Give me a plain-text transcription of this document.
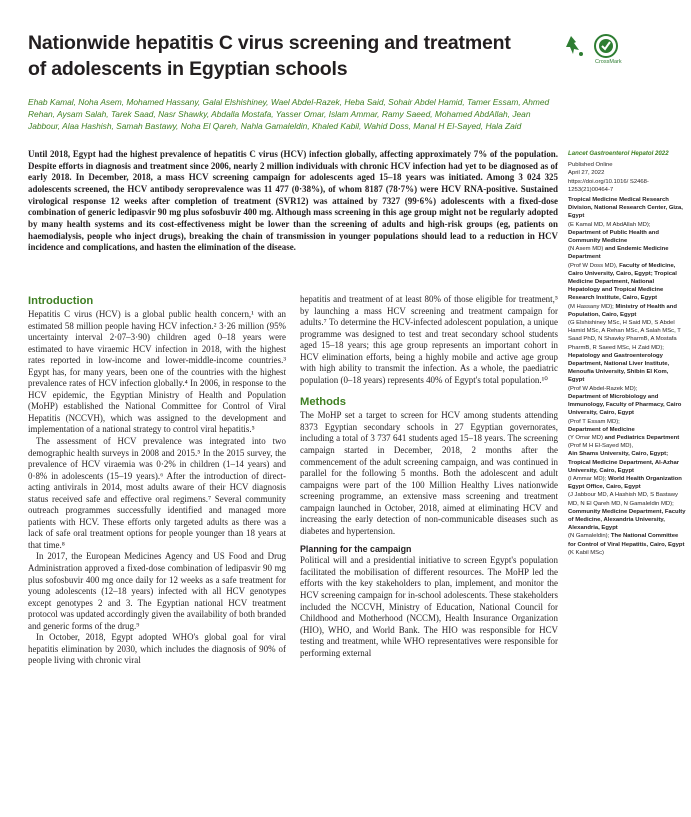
Nationwide hepatitis C virus screening and treatment of adolescents in Egyptian schools	CrossMark
Ehab Kamal, Noha Asem, Mohamed Hassany, Galal Elshishiney, Wael Abdel-Razek, Heba Said, Sohair Abdel Hamid, Tamer Essam, Ahmed Rehan, Aysam Salah, Tarek Saad, Nasr Shawky, Abdalla Mostafa, Yasser Omar, Islam Ammar, Ramy Saeed, Mohamed AbdAllah, Jean Jabbour, Alaa Hashish, Samah Bastawy, Noha El Qareh, Nahla Gamaleldin, Khaled Kabil, Wahid Doss, Manal H El-Sayed, Hala Zaid
Until 2018, Egypt had the highest prevalence of hepatitis C virus (HCV) infection globally, affecting approximately 7% of the population. Despite efforts in diagnosis and treatment since 2006, nearly 2 million individuals with chronic HCV infection had yet to be diagnosed as of early 2018. In December, 2018, a mass HCV screening campaign for adolescents aged 15–18 years was initiated. Among 3 024 325 adolescents screened, the HCV antibody seroprevalence was 11 477 (0·38%), of whom 8187 (78·7%) were HCV RNA-positive. Sustained virological response 12 weeks after completion of treatment (SVR12) was attained by 7327 (99·6%) adolescents with a fixed-dose combination of generic ledipasvir 90 mg plus sofosbuvir 400 mg. Although mass screening in this age group might not be regularly adopted by many health systems and its cost-effectiveness might be lower than the screening of adults and high-risk groups (eg, patients on haemodialysis, people who inject drugs), breaking the chain of transmission in younger populations should lead to a reduction in HCV incidence and complications, and hasten the elimination of the disease.
Introduction

Hepatitis C virus (HCV) is a global public health concern,¹ with an estimated 58 million people having HCV infection.² 3·26 million (95% uncertainty interval 2·07–3·90) children aged 0–18 years were estimated to have viraemic HCV infection in 2018, with the highest rates reported in low-income and lower-middle-income countries.³ Egypt has, for many years, been one of the countries with the highest prevalence rates of HCV infection globally.⁴ In 2006, in response to the HCV epidemic, the Egyptian Ministry of Health and Population (MoHP) established the National Committee for Control of Viral Hepatitis (NCCVH), which was assigned to the development and implementation of a national strategy to control viral hepatitis.⁵

The assessment of HCV prevalence was integrated into two demographic health surveys in 2008 and 2015.⁵ In the 2015 survey, the prevalence of HCV viraemia was 0·2% in children (1–14 years) and 0·8% in adolescents (15–19 years).⁶ After the introduction of direct-acting antivirals in 2014, most adults aware of their HCV diagnosis status received safe and effective oral regimens.⁷ Several community outreach programmes successfully identified and managed more patients with HCV. These efforts only targeted adults as there was a lack of safe oral treatment options for people younger than 18 years at that time.⁸

In 2017, the European Medicines Agency and US Food and Drug Administration approved a fixed-dose combination of ledipasvir 90 mg plus sofosbuvir 400 mg once daily for 12 weeks as a safe treatment for young adolescents (12–18 years) infected with all HCV genotypes except genotypes 2 and 3. The Egyptian national HCV treatment protocol was updated accordingly given the availability of both branded and generic forms of the drug.⁹

In October, 2018, Egypt adopted WHO's global goal for viral hepatitis elimination by 2030, which includes the diagnosis of 90% of people living with chronic viral

hepatitis and treatment of at least 80% of those eligible for treatment,⁵ by launching a mass HCV screening and treatment campaign for adults.⁷ To determine the HCV-infected adolescent population, a unique programme was designed to test and treat secondary school students aged 15–18 years; this age group represents an important cohort in HCV elimination efforts, being a highly mobile and active age group with high ability to transmit the infection. As a whole, the paediatric population (0–18 years) represents 40% of Egypt's total population.¹⁰

Methods

The MoHP set a target to screen for HCV among students attending 8373 Egyptian secondary schools in 27 Egyptian governorates, including a total of 3 737 641 students aged 15–18 years. The screening campaign started in December, 2018, 2 months after the commencement of the adult screening campaign, and was continued in parallel for the following 5 months. Both the adolescent and adult campaigns were part of the 100 Million Healthy Lives nationwide screening programme, an extensive mass screening and treatment campaign launched in October, 2018, aimed at eliminating HCV and increasing the early detection of non-communicable diseases such as diabetes and hypertension.

Planning for the campaign

Political will and a presidential initiative to screen Egypt's population facilitated the mobilisation of different resources. The MoHP led the efforts with the key stakeholders to plan, implement, and monitor the HCV screening campaign for in-school adolescents. These stakeholders included the NCCVH, Ministry of Education, National Council for Childhood and Motherhood (NCCM), Health Insurance Organization (HIO), WHO, and World Bank. The HIO was responsible for HCV testing and treatment, while WHO representatives were responsible for performing external

Lancet Gastroenterol Hepatol 2022
Published Online
April 27, 2022
https://doi.org/10.1016/ S2468-1253(21)00464-7
Tropical Medicine Medical Research Division, National Research Center, Giza, Egypt
(E Kamal MD, M AbdAllah MD);
Department of Public Health and Community Medicine
(N Asem MD) and Endemic Medicine Department
(Prof W Doss MD), Faculty of Medicine, Cairo University, Cairo, Egypt; Tropical Medicine Department, National Hepatology and Tropical Medicine Research Institute, Cairo, Egypt
(M Hassany MD); Ministry of Health and Population, Cairo, Egypt
(G Elshishiney MSc, H Said MD, S Abdel Hamid MSc, A Rehan MSc, A Salah MSc, T Saad PhD, N Shawky PharmB, A Mostafa PharmB, R Saeed MSc, H Zaid MD);
Hepatology and Gastroenterology Department, National Liver Institute, Menoufia University, Shibin El Kom, Egypt
(Prof W Abdel-Razek MD);
Department of Microbiology and Immunology, Faculty of Pharmacy, Cairo University, Cairo, Egypt
(Prof T Essam MD);
Department of Medicine
(Y Omar MD) and Pediatrics Department
(Prof M H El-Sayed MD),
Ain Shams University, Cairo, Egypt; Tropical Medicine Department, Al-Azhar University, Cairo, Egypt
(I Ammar MD); World Health Organization Egypt Office, Cairo, Egypt
(J Jabbour MD, A Hashish MD, S Bastawy MD, N El Qareh MD, N Gamaleldin MD); Community Medicine Department, Faculty of Medicine, Alexandria University, Alexandria, Egypt
(N Gamaleldin); The National Committee for Control of Viral Hepatitis, Cairo, Egypt
(K Kabil MSc)
